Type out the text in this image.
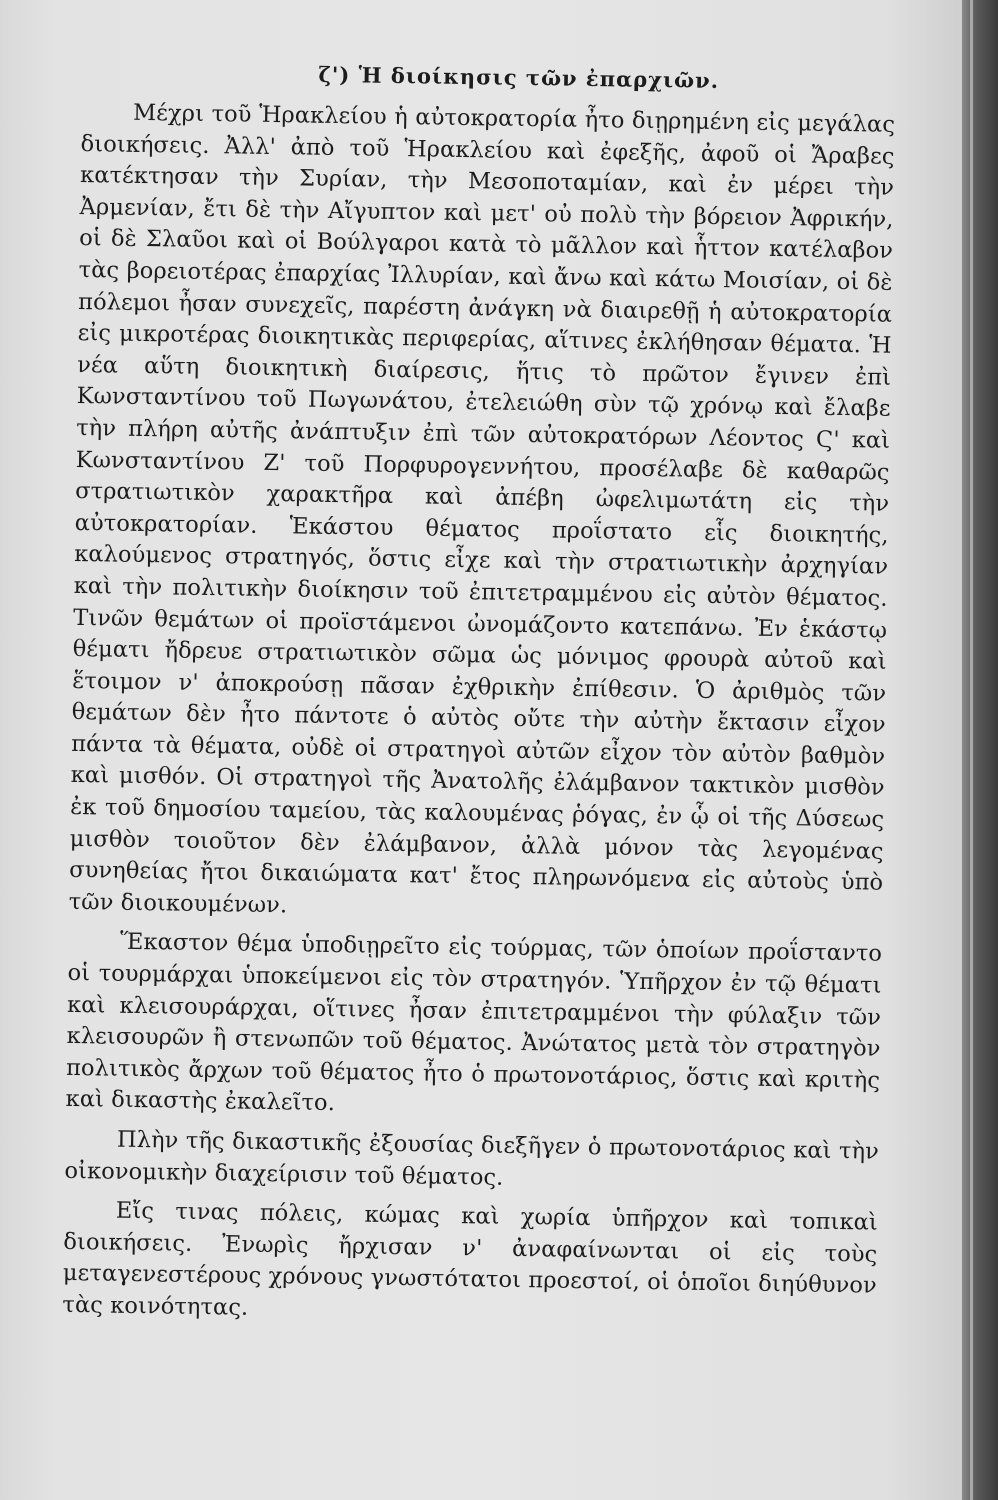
ζ') Ἡ διοίκησις τῶν ἐπαρχιῶν.

Μέχρι τοῦ Ἡρακλείου ἡ αὐτοκρατορία ἦτο διῃρημένη εἰς μεγάλας διοικήσεις. Ἀλλ' ἀπὸ τοῦ Ἡρακλείου καὶ ἐφεξῆς, ἀφοῦ οἱ Ἄραβες κατέκτησαν τὴν Συρίαν, τὴν Μεσοποταμίαν, καὶ ἐν μέρει τὴν Ἀρμενίαν, ἔτι δὲ τὴν Αἴγυπτον καὶ μετ' οὐ πολὺ τὴν βόρειον Ἀφρικήν, οἱ δὲ Σλαῦοι καὶ οἱ Βούλγαροι κατὰ τὸ μᾶλλον καὶ ἧττον κατέλαβον τὰς βορειοτέρας ἐπαρχίας Ἰλλυρίαν, καὶ ἄνω καὶ κάτω Μοισίαν, οἱ δὲ πόλεμοι ἦσαν συνεχεῖς, παρέστη ἀνάγκη νὰ διαιρεθῇ ἡ αὐτοκρατορία εἰς μικροτέρας διοικητικὰς περιφερίας, αἵτινες ἐκλήθησαν θέματα. Ἡ νέα αὕτη διοικητικὴ διαίρεσις, ἥτις τὸ πρῶτον ἔγινεν ἐπὶ Κωνσταντίνου τοῦ Πωγωνάτου, ἐτελειώθη σὺν τῷ χρόνῳ καὶ ἔλαβε τὴν πλήρη αὐτῆς ἀνάπτυξιν ἐπὶ τῶν αὐτοκρατόρων Λέοντος Ϛ' καὶ Κωνσταντίνου Ζ' τοῦ Πορφυρογεννήτου, προσέλαβε δὲ καθαρῶς στρατιωτικὸν χαρακτῆρα καὶ ἀπέβη ὠφελιμωτάτη εἰς τὴν αὐτοκρατορίαν. Ἑκάστου θέματος προΐστατο εἷς διοικητής, καλούμενος στρατηγός, ὅστις εἶχε καὶ τὴν στρατιωτικὴν ἀρχηγίαν καὶ τὴν πολιτικὴν διοίκησιν τοῦ ἐπιτετραμμένου εἰς αὐτὸν θέματος. Τινῶν θεμάτων οἱ προϊστάμενοι ὠνομάζοντο κατεπάνω. Ἐν ἑκάστῳ θέματι ἤδρευε στρατιωτικὸν σῶμα ὡς μόνιμος φρουρὰ αὐτοῦ καὶ ἕτοιμον ν' ἀποκρούσῃ πᾶσαν ἐχθρικὴν ἐπίθεσιν. Ὁ ἀριθμὸς τῶν θεμάτων δὲν ἦτο πάντοτε ὁ αὐτὸς οὔτε τὴν αὐτὴν ἔκτασιν εἶχον πάντα τὰ θέματα, οὐδὲ οἱ στρατηγοὶ αὐτῶν εἶχον τὸν αὐτὸν βαθμὸν καὶ μισθόν. Οἱ στρατηγοὶ τῆς Ἀνατολῆς ἐλάμβανον τακτικὸν μισθὸν ἐκ τοῦ δημοσίου ταμείου, τὰς καλουμένας ῥόγας, ἐν ᾧ οἱ τῆς Δύσεως μισθὸν τοιοῦτον δὲν ἐλάμβανον, ἀλλὰ μόνον τὰς λεγομένας συνηθείας ἤτοι δικαιώματα κατ' ἔτος πληρωνόμενα εἰς αὐτοὺς ὑπὸ τῶν διοικουμένων.

Ἕκαστον θέμα ὑποδιῃρεῖτο εἰς τούρμας, τῶν ὁποίων προΐσταντο οἱ τουρμάρχαι ὑποκείμενοι εἰς τὸν στρατηγόν. Ὑπῆρχον ἐν τῷ θέματι καὶ κλεισουράρχαι, οἵτινες ἦσαν ἐπιτετραμμένοι τὴν φύλαξιν τῶν κλεισουρῶν ἢ στενωπῶν τοῦ θέματος. Ἀνώτατος μετὰ τὸν στρατηγὸν πολιτικὸς ἄρχων τοῦ θέματος ἦτο ὁ πρωτονοτάριος, ὅστις καὶ κριτὴς καὶ δικαστὴς ἐκαλεῖτο.

Πλὴν τῆς δικαστικῆς ἐξουσίας διεξῆγεν ὁ πρωτονοτάριος καὶ τὴν οἰκονομικὴν διαχείρισιν τοῦ θέματος.

Εἴς τινας πόλεις, κώμας καὶ χωρία ὑπῆρχον καὶ τοπικαὶ διοικήσεις. Ἐνωρὶς ἤρχισαν ν' ἀναφαίνωνται οἱ εἰς τοὺς μεταγενεστέρους χρόνους γνωστότατοι προεστοί, οἱ ὁποῖοι διηύθυνον τὰς κοινότητας.
